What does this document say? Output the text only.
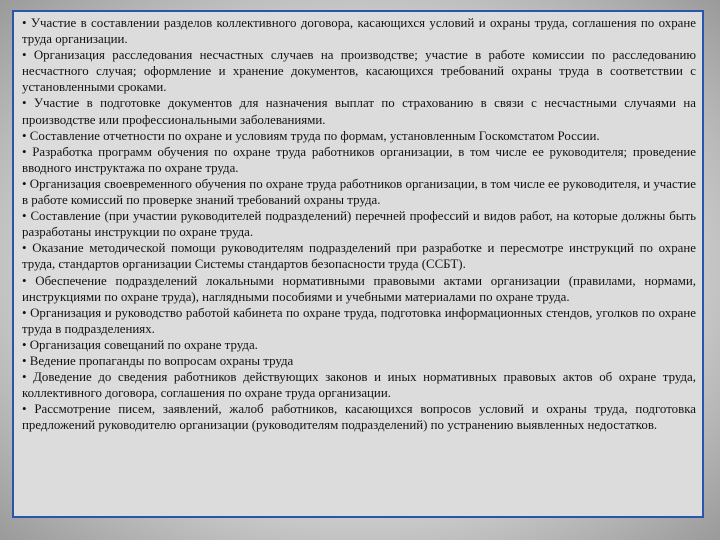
• Участие в составлении разделов коллективного договора, касающихся условий и охраны труда, соглашения по охране труда организации.
• Организация расследования несчастных случаев на производстве; участие в работе комиссии по расследованию несчастного случая; оформление и хранение документов, касающихся требований охраны труда в соответствии с установленными сроками.
• Участие в подготовке документов для назначения выплат по страхованию в связи с несчастными случаями на производстве или профессиональными заболеваниями.
• Составление отчетности по охране и условиям труда по формам, установленным Госкомстатом России.
• Разработка программ обучения по охране труда работников организации, в том числе ее руководителя; проведение вводного инструктажа по охране труда.
• Организация своевременного обучения по охране труда работников организации, в том числе ее руководителя, и участие в работе комиссий по проверке знаний требований охраны труда.
• Составление (при участии руководителей подразделений) перечней профессий и видов работ, на которые должны быть разработаны инструкции по охране труда.
• Оказание методической помощи руководителям подразделений при разработке и пересмотре инструкций по охране труда, стандартов организации Системы стандартов безопасности труда (ССБТ).
• Обеспечение подразделений локальными нормативными правовыми актами организации (правилами, нормами, инструкциями по охране труда), наглядными пособиями и учебными материалами по охране труда.
• Организация и руководство работой кабинета по охране труда, подготовка информационных стендов, уголков по охране труда в подразделениях.
• Организация совещаний по охране труда.
• Ведение пропаганды по вопросам охраны труда
• Доведение до сведения работников действующих законов и иных нормативных правовых актов об охране труда, коллективного договора, соглашения по охране труда организации.
• Рассмотрение писем, заявлений, жалоб работников, касающихся вопросов условий и охраны труда, подготовка предложений руководителю организации (руководителям подразделений) по устранению выявленных недостатков.
